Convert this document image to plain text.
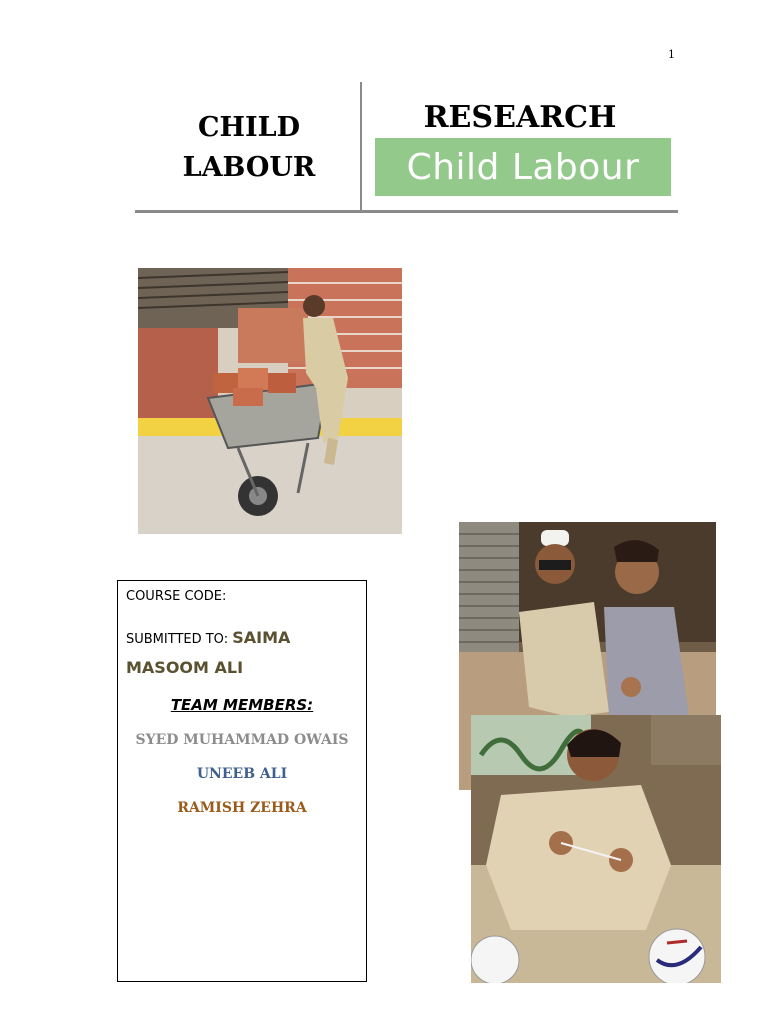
1
CHILD
LABOUR
RESEARCH
Child Labour
COURSE CODE:
SUBMITTED TO: SAIMA
MASOOM ALI
TEAM MEMBERS:
SYED MUHAMMAD OWAIS
UNEEB ALI
RAMISH ZEHRA
